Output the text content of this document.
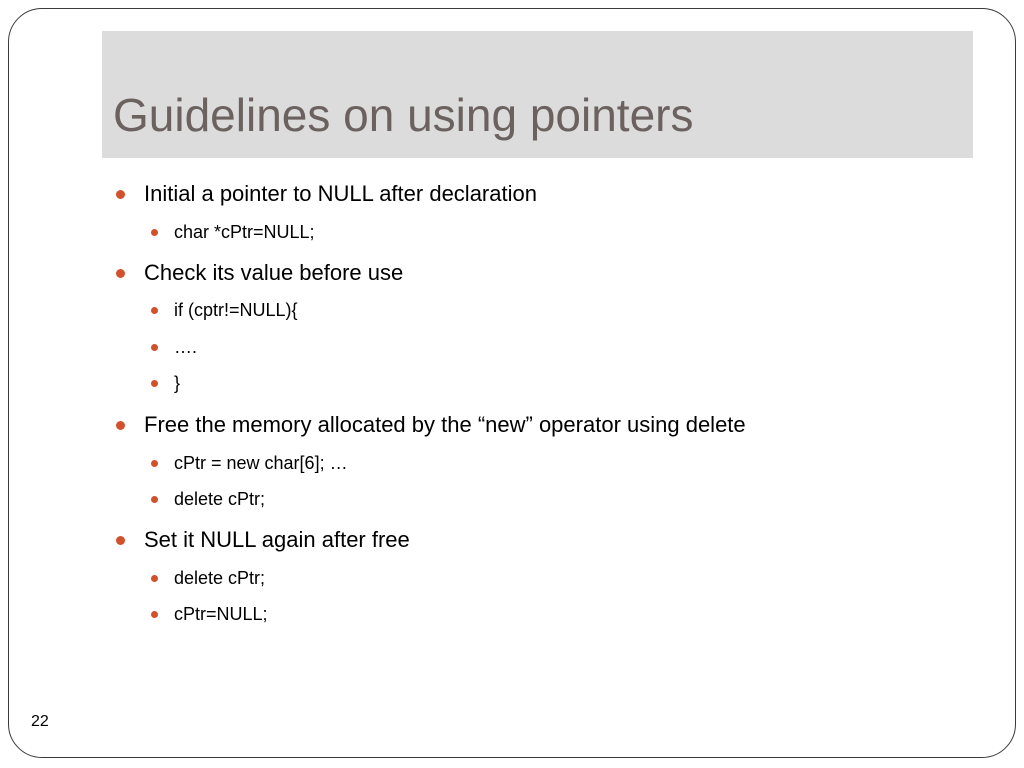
Guidelines on using pointers
Initial a pointer to NULL after declaration
char *cPtr=NULL;
Check its value before use
if (cptr!=NULL){
….
}
Free the memory allocated by the “new” operator using delete
cPtr = new char[6]; …
delete cPtr;
Set it NULL again after free
delete cPtr;
cPtr=NULL;
22
